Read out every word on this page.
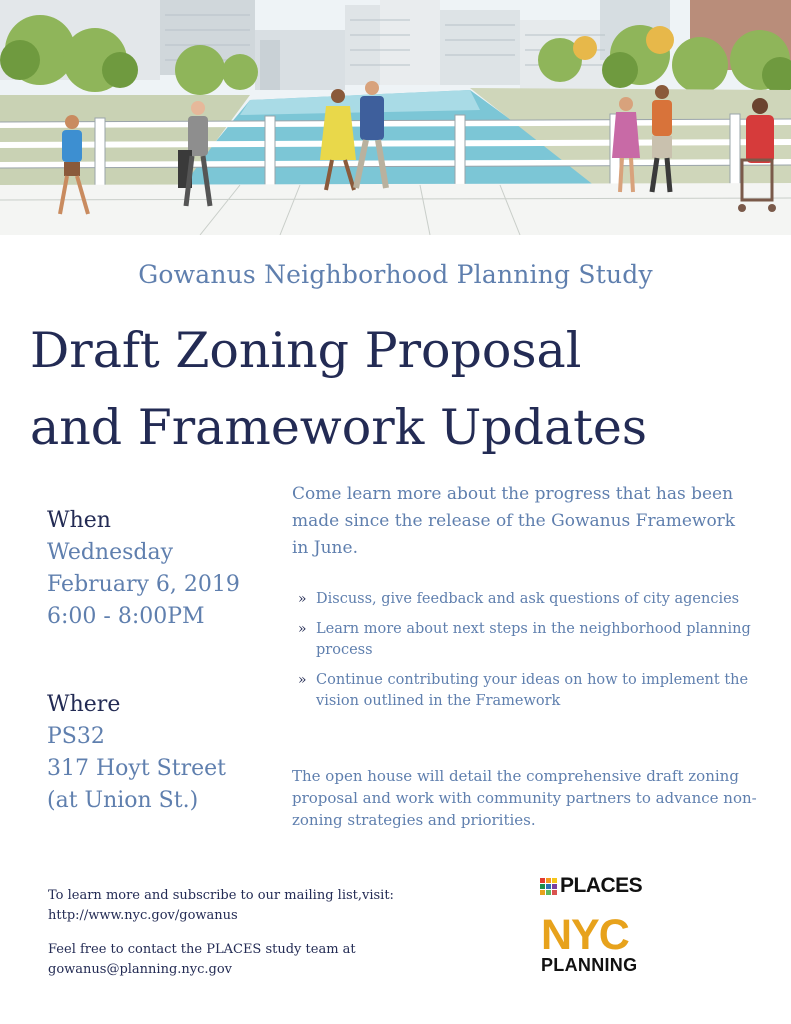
Gowanus Neighborhood Planning Study
Draft Zoning Proposal
and Framework Updates
When
Wednesday
February 6, 2019
6:00 - 8:00PM
Where
PS32
317 Hoyt Street
(at Union St.)
Come learn more about the progress that has been made since the release of the Gowanus Framework in June.
» Discuss, give feedback and ask questions of city agencies
» Learn more about next steps in the neighborhood planning process
» Continue contributing your ideas on how to implement the vision outlined in the Framework
The open house will detail the comprehensive draft zoning proposal and work with community partners to advance non-zoning strategies and priorities.

To learn more and subscribe to our mailing list,visit:
http://www.nyc.gov/gowanus

Feel free to contact the PLACES study team at
gowanus@planning.nyc.gov

PLACES
NYC
PLANNING
